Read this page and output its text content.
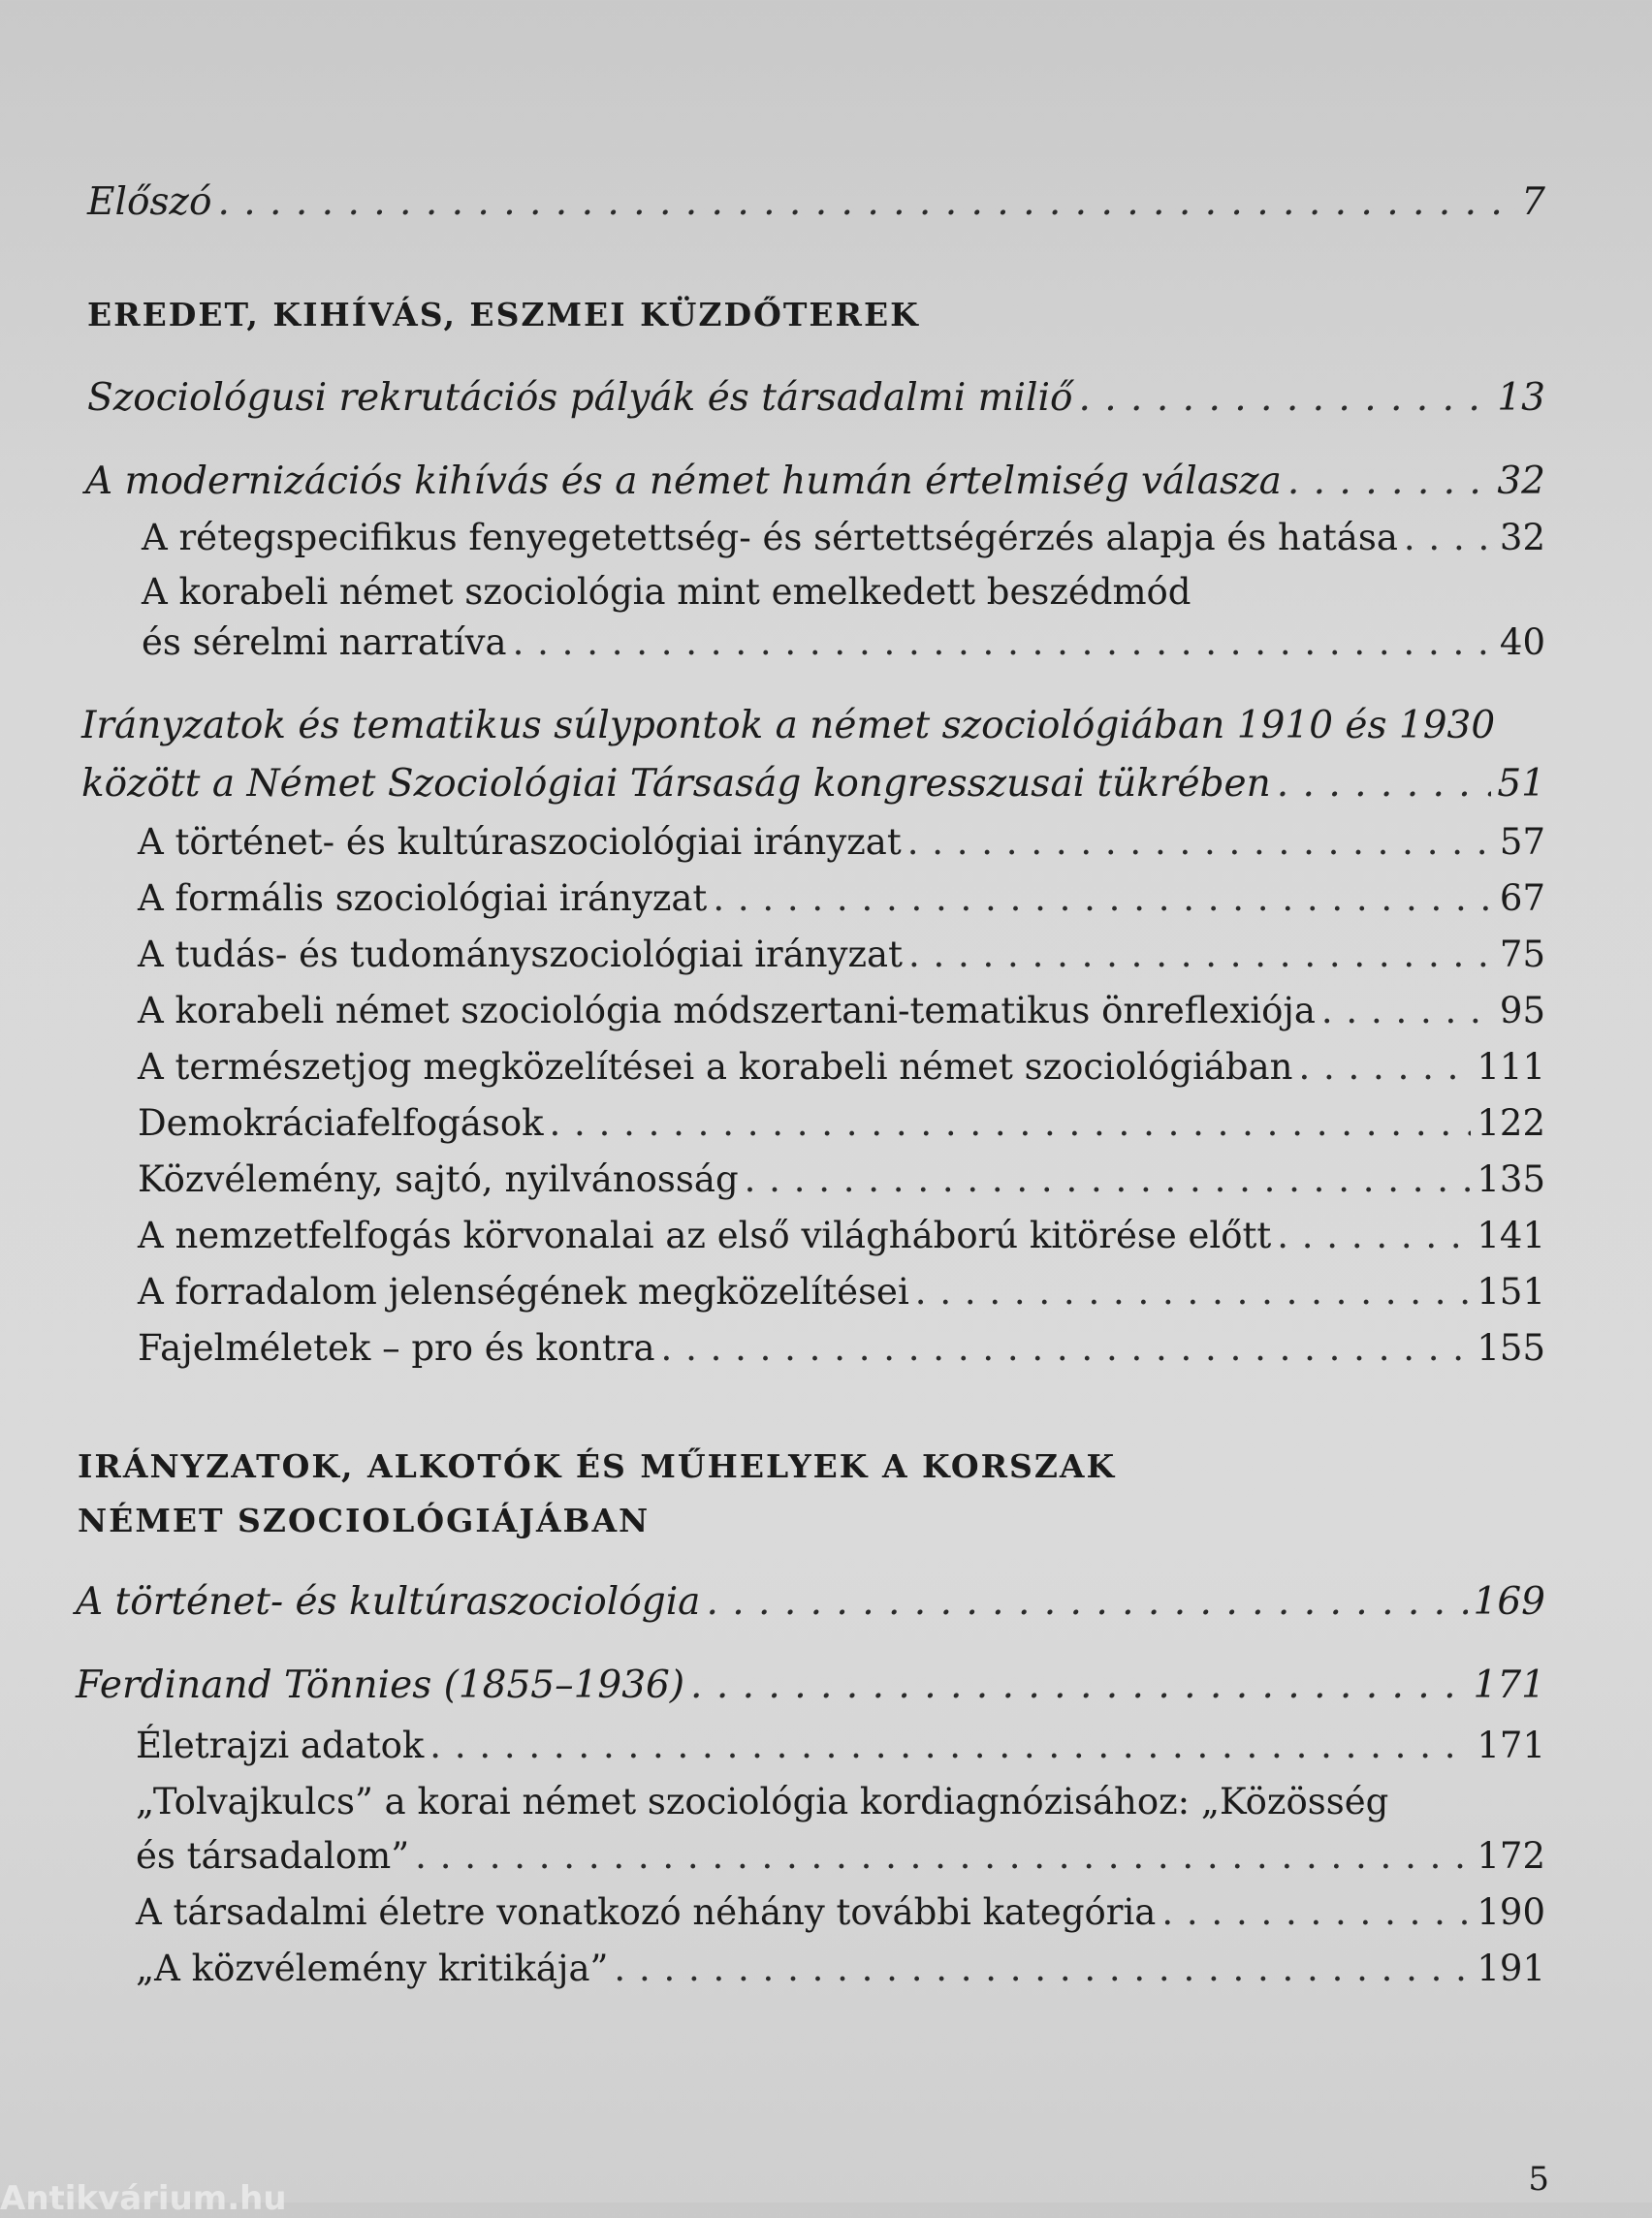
Előszó . . .	7
EREDET, KIHÍVÁS, ESZMEI KÜZDŐTEREK
Szociológusi rekrutációs pályák és társadalmi miliő . . .	13
A modernizációs kihívás és a német humán értelmiség válasza . . .	32
A rétegspecifikus fenyegetettség- és sértettségérzés alapja és hatása . . .	32
A korabeli német szociológia mint emelkedett beszédmód
és sérelmi narratíva . . .	40
Irányzatok és tematikus súlypontok a német szociológiában 1910 és 1930
között a Német Szociológiai Társaság kongresszusai tükrében . . .	51
A történet- és kultúraszociológiai irányzat . . .	57
A formális szociológiai irányzat . . .	67
A tudás- és tudományszociológiai irányzat . . .	75
A korabeli német szociológia módszertani-tematikus önreflexiója . . .	95
A természetjog megközelítései a korabeli német szociológiában . . .	111
Demokráciafelfogások . . .	122
Közvélemény, sajtó, nyilvánosság . . .	135
A nemzetfelfogás körvonalai az első világháború kitörése előtt . . .	141
A forradalom jelenségének megközelítései . . .	151
Fajelméletek – pro és kontra . . .	155
IRÁNYZATOK, ALKOTÓK ÉS MŰHELYEK A KORSZAK
NÉMET SZOCIOLÓGIÁJÁBAN
A történet- és kultúraszociológia . . .	169
Ferdinand Tönnies (1855–1936) . . .	171
Életrajzi adatok . . .	171
„Tolvajkulcs” a korai német szociológia kordiagnózisához: „Közösség
és társadalom” . . .	172
A társadalmi életre vonatkozó néhány további kategória . . .	190
„A közvélemény kritikája” . . .	191
5
Antikvárium.hu
